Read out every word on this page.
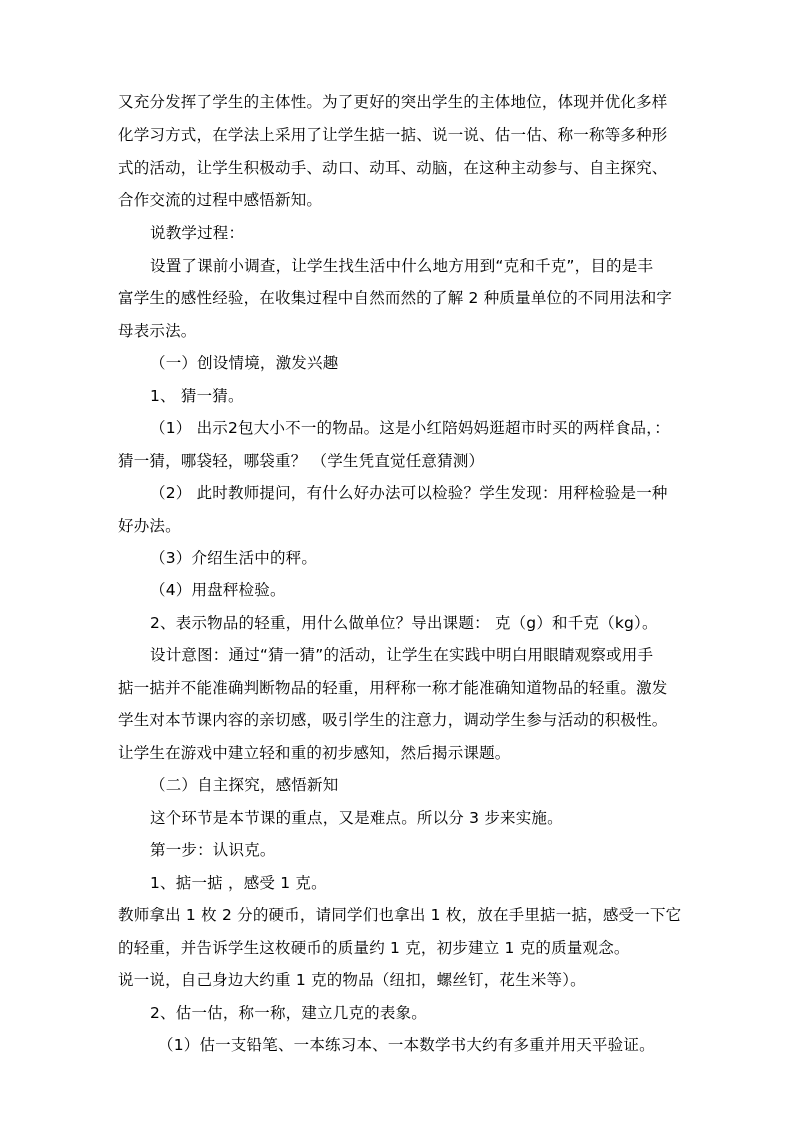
又充分发挥了学生的主体性。为了更好的突出学生的主体地位，体现并优化多样
化学习方式，在学法上采用了让学生掂一掂、说一说、估一估、称一称等多种形
式的活动，让学生积极动手、动口、动耳、动脑，在这种主动参与、自主探究、
合作交流的过程中感悟新知。
说教学过程：
设置了课前小调查，让学生找生活中什么地方用到“克和千克”，目的是丰
富学生的感性经验，在收集过程中自然而然的了解 2 种质量单位的不同用法和字
母表示法。
（一）创设情境，激发兴趣
1、 猜一猜。
（1） 出示2包大小不一的物品。这是小红陪妈妈逛超市时买的两样食品，：
猜一猜，哪袋轻，哪袋重？ （学生凭直觉任意猜测）
（2） 此时教师提问，有什么好办法可以检验？学生发现：用秤检验是一种
好办法。
（3）介绍生活中的秤。
（4）用盘秤检验。
2、表示物品的轻重，用什么做单位？导出课题： 克（g）和千克（kg）。
设计意图：通过“猜一猜”的活动，让学生在实践中明白用眼睛观察或用手
掂一掂并不能准确判断物品的轻重，用秤称一称才能准确知道物品的轻重。激发
学生对本节课内容的亲切感，吸引学生的注意力，调动学生参与活动的积极性。
让学生在游戏中建立轻和重的初步感知，然后揭示课题。
（二）自主探究，感悟新知
这个环节是本节课的重点，又是难点。所以分 3 步来实施。
第一步：认识克。
1、掂一掂 ，感受 1 克。
教师拿出 1 枚 2 分的硬币，请同学们也拿出 1 枚，放在手里掂一掂，感受一下它
的轻重，并告诉学生这枚硬币的质量约 1 克，初步建立 1 克的质量观念。
说一说，自己身边大约重 1 克的物品（纽扣，螺丝钉，花生米等）。
2、估一估，称一称，建立几克的表象。
（1）估一支铅笔、一本练习本、一本数学书大约有多重并用天平验证。
